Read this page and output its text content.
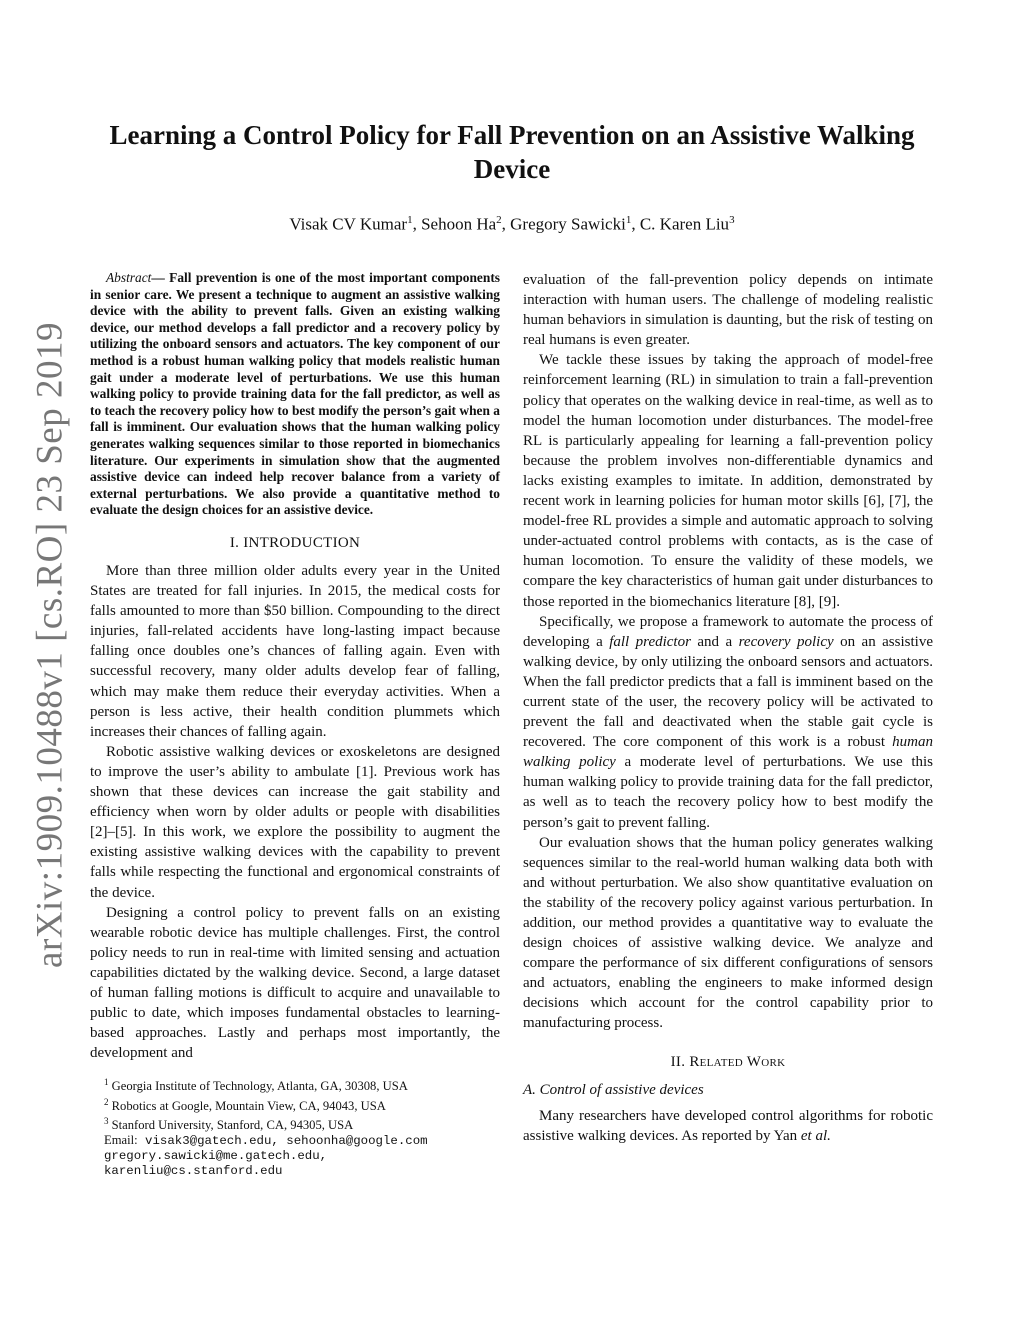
arXiv:1909.10488v1 [cs.RO] 23 Sep 2019
Learning a Control Policy for Fall Prevention on an Assistive Walking Device
Visak CV Kumar$^1$, Sehoon Ha$^2$, Gregory Sawicki$^1$, C. Karen Liu$^3$

Abstract— Fall prevention is one of the most important components in senior care. We present a technique to augment an assistive walking device with the ability to prevent falls. Given an existing walking device, our method develops a fall predictor and a recovery policy by utilizing the onboard sensors and actuators. The key component of our method is a robust human walking policy that models realistic human gait under a moderate level of perturbations. We use this human walking policy to provide training data for the fall predictor, as well as to teach the recovery policy how to best modify the person’s gait when a fall is imminent. Our evaluation shows that the human walking policy generates walking sequences similar to those reported in biomechanics literature. Our experiments in simulation show that the augmented assistive device can indeed help recover balance from a variety of external perturbations. We also provide a quantitative method to evaluate the design choices for an assistive device.

I. INTRODUCTION

More than three million older adults every year in the United States are treated for fall injuries. In 2015, the medical costs for falls amounted to more than $50 billion. Compounding to the direct injuries, fall-related accidents have long-lasting impact because falling once doubles one’s chances of falling again. Even with successful recovery, many older adults develop fear of falling, which may make them reduce their everyday activities. When a person is less active, their health condition plummets which increases their chances of falling again.

Robotic assistive walking devices or exoskeletons are designed to improve the user’s ability to ambulate [1]. Previous work has shown that these devices can increase the gait stability and efficiency when worn by older adults or people with disabilities [2]–[5]. In this work, we explore the possibility to augment the existing assistive walking devices with the capability to prevent falls while respecting the functional and ergonomical constraints of the device.

Designing a control policy to prevent falls on an existing wearable robotic device has multiple challenges. First, the control policy needs to run in real-time with limited sensing and actuation capabilities dictated by the walking device. Second, a large dataset of human falling motions is difficult to acquire and unavailable to public to date, which imposes fundamental obstacles to learning-based approaches. Lastly and perhaps most importantly, the development and

$^1$ Georgia Institute of Technology, Atlanta, GA, 30308, USA
$^2$ Robotics at Google, Mountain View, CA, 94043, USA
$^3$ Stanford University, Stanford, CA, 94305, USA
Email: visak3@gatech.edu, sehoonha@google.com
gregory.sawicki@me.gatech.edu,
karenliu@cs.stanford.edu

evaluation of the fall-prevention policy depends on intimate interaction with human users. The challenge of modeling realistic human behaviors in simulation is daunting, but the risk of testing on real humans is even greater.

We tackle these issues by taking the approach of model-free reinforcement learning (RL) in simulation to train a fall-prevention policy that operates on the walking device in real-time, as well as to model the human locomotion under disturbances. The model-free RL is particularly appealing for learning a fall-prevention policy because the problem involves non-differentiable dynamics and lacks existing examples to imitate. In addition, demonstrated by recent work in learning policies for human motor skills [6], [7], the model-free RL provides a simple and automatic approach to solving under-actuated control problems with contacts, as is the case of human locomotion. To ensure the validity of these models, we compare the key characteristics of human gait under disturbances to those reported in the biomechanics literature [8], [9].

Specifically, we propose a framework to automate the process of developing a fall predictor and a recovery policy on an assistive walking device, by only utilizing the onboard sensors and actuators. When the fall predictor predicts that a fall is imminent based on the current state of the user, the recovery policy will be activated to prevent the fall and deactivated when the stable gait cycle is recovered. The core component of this work is a robust human walking policy a moderate level of perturbations. We use this human walking policy to provide training data for the fall predictor, as well as to teach the recovery policy how to best modify the person’s gait to prevent falling.

Our evaluation shows that the human policy generates walking sequences similar to the real-world human walking data both with and without perturbation. We also show quantitative evaluation on the stability of the recovery policy against various perturbation. In addition, our method provides a quantitative way to evaluate the design choices of assistive walking device. We analyze and compare the performance of six different configurations of sensors and actuators, enabling the engineers to make informed design decisions which account for the control capability prior to manufacturing process.

II. Related Work
A. Control of assistive devices

Many researchers have developed control algorithms for robotic assistive walking devices. As reported by Yan et al.
